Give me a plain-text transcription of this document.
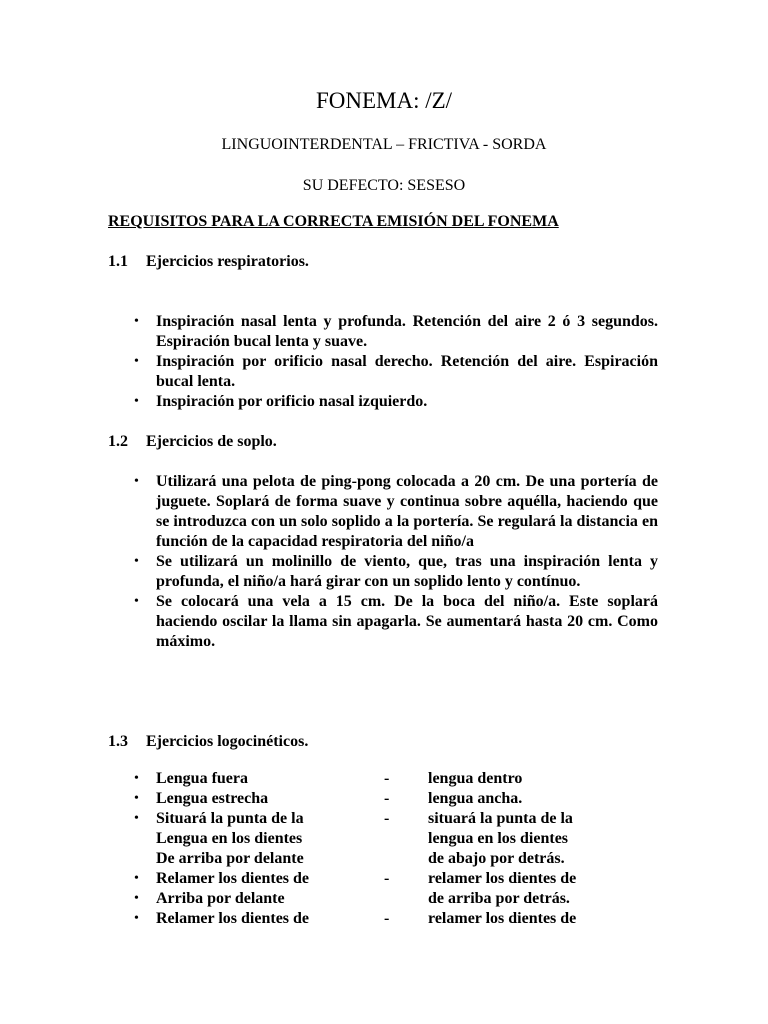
FONEMA: /Z/
LINGUOINTERDENTAL – FRICTIVA - SORDA
SU DEFECTO: SESESO
REQUISITOS PARA LA CORRECTA EMISIÓN DEL FONEMA
1.1 Ejercicios respiratorios.
• Inspiración nasal lenta y profunda. Retención del aire 2 ó 3 segundos. Espiración bucal lenta y suave.
• Inspiración por orificio nasal derecho. Retención del aire. Espiración bucal lenta.
• Inspiración por orificio nasal izquierdo.
1.2 Ejercicios de soplo.
• Utilizará una pelota de ping-pong colocada a 20 cm. De una portería de juguete. Soplará de forma suave y continua sobre aquélla, haciendo que se introduzca con un solo soplido a la portería. Se regulará la distancia en función de la capacidad respiratoria del niño/a
• Se utilizará un molinillo de viento, que, tras una inspiración lenta y profunda, el niño/a hará girar con un soplido lento y contínuo.
• Se colocará una vela a 15 cm. De la boca del niño/a. Este soplará haciendo oscilar la llama sin apagarla. Se aumentará hasta 20 cm. Como máximo.
1.3 Ejercicios logocinéticos.
• Lengua fuera	- lengua dentro
• Lengua estrecha	- lengua ancha.
• Situará la punta de la	- situará la punta de la
Lengua en los dientes	lengua en los dientes
De arriba por delante	de abajo por detrás.
• Relamer los dientes de	- relamer los dientes de
• Arriba por delante	de arriba por detrás.
• Relamer los dientes de	- relamer los dientes de
